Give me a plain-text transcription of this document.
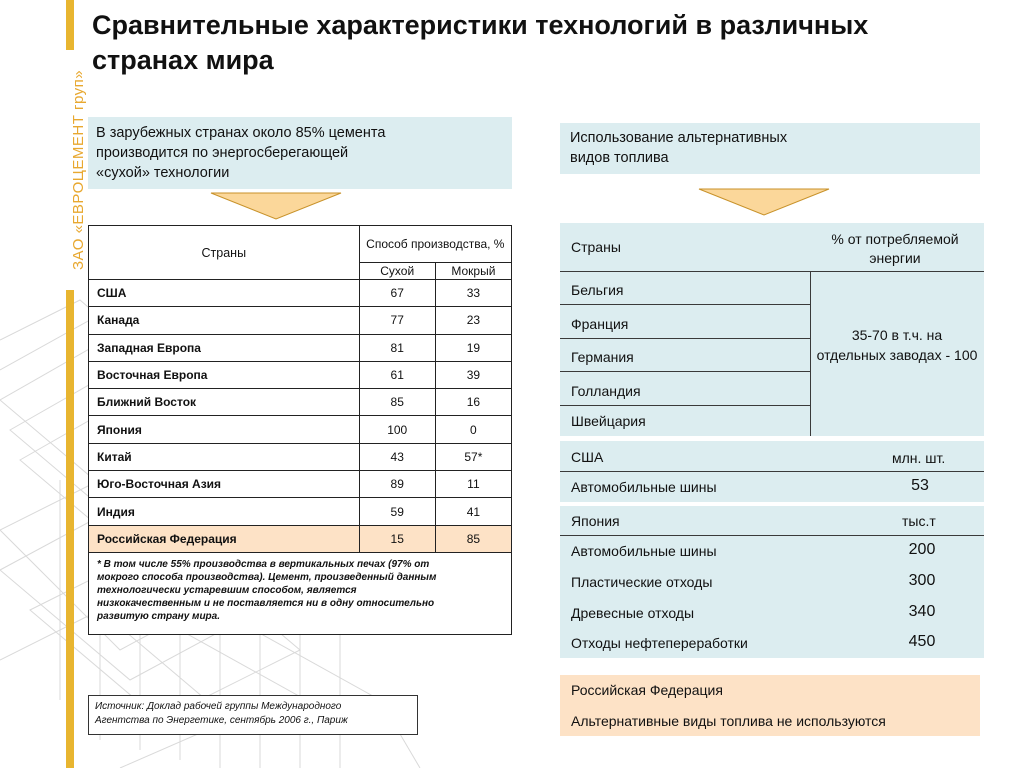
ЗАО «ЕВРОЦЕМЕНТ груп»
Сравнительные характеристики технологий в различных странах мира
В зарубежных странах около 85% цемента
производится по энергосберегающей
«сухой» технологии
Использование альтернативных
видов топлива
Страны	Способ производства, %	
	Сухой	Мокрый
США	67	33
Канада	77	23
Западная Европа	81	19
Восточная Европа	61	39
Ближний Восток	85	16
Япония	100	0
Китай	43	57*
Юго-Восточная Азия	89	11
Индия	59	41
Российская Федерация	15	85
* В том числе 55% производства в вертикальных печах (97% от
мокрого способа производства). Цемент, произведенный данным
технологически устаревшим способом, является
низкокачественным и не поставляется ни в одну относительно
развитую страну мира.		
Источник: Доклад рабочей группы Международного
Агентства по Энергетике, сентябрь 2006 г., Париж
Страны	% от потребляемой энергии
Бельгия
Франция
Германия
Голландия
Швейцария
35-70 в т.ч. на отдельных заводах - 100
США	млн. шт.
Автомобильные шины	53
Япония	тыс.т
Автомобильные шины	200
Пластические отходы	300
Древесные отходы	340
Отходы нефтепереработки	450
Российская Федерация
Альтернативные виды топлива не используются
